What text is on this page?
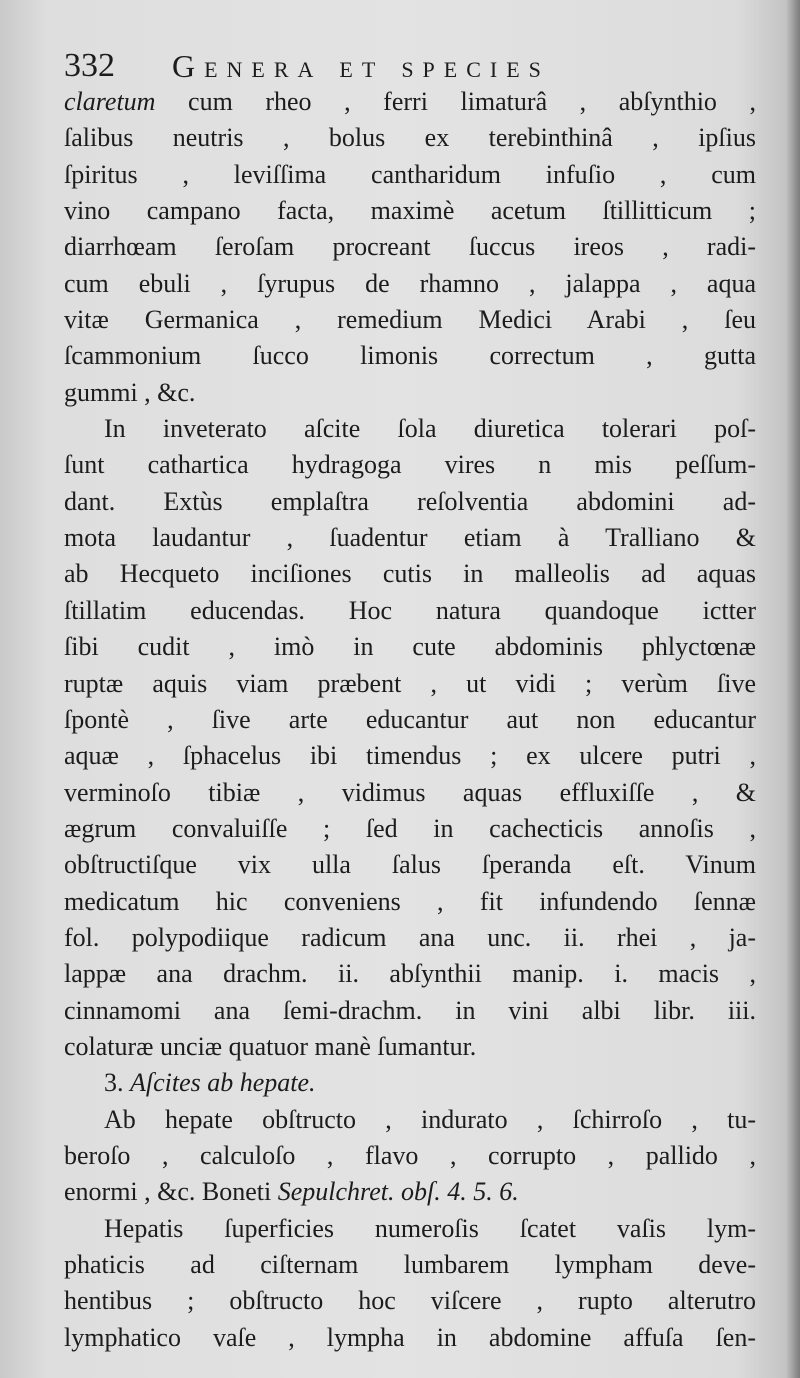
332 Genera et species
claretum cum rheo , ferri limaturâ , abſynthio ,
ſalibus neutris , bolus ex terebinthinâ , ipſius
ſpiritus , leviſſima cantharidum infuſio , cum
vino campano facta, maximè acetum ſtillitticum ;
diarrhœam ſeroſam procreant ſuccus ireos , radi-
cum ebuli , ſyrupus de rhamno , jalappa , aqua
vitæ Germanica , remedium Medici Arabi , ſeu
ſcammonium ſucco limonis correctum , gutta
gummi , &c.
In inveterato aſcite ſola diuretica tolerari poſ-
ſunt cathartica hydragoga vires n mis peſſum-
dant. Extùs emplaſtra reſolventia abdomini ad-
mota laudantur , ſuadentur etiam à Tralliano &
ab Hecqueto inciſiones cutis in malleolis ad aquas
ſtillatim educendas. Hoc natura quandoque ictter
ſibi cudit , imò in cute abdominis phlyctœnæ
ruptæ aquis viam præbent , ut vidi ; verùm ſive
ſpontè , ſive arte educantur aut non educantur
aquæ , ſphacelus ibi timendus ; ex ulcere putri ,
verminoſo tibiæ , vidimus aquas effluxiſſe , &
ægrum convaluiſſe ; ſed in cachecticis annoſis ,
obſtructiſque vix ulla ſalus ſperanda eſt. Vinum
medicatum hic conveniens , fit infundendo ſennæ
fol. polypodiique radicum ana unc. ii. rhei , ja-
lappæ ana drachm. ii. abſynthii manip. i. macis ,
cinnamomi ana ſemi-drachm. in vini albi libr. iii.
colaturæ unciæ quatuor manè ſumantur.
3. Aſcites ab hepate.
Ab hepate obſtructo , indurato , ſchirroſo , tu-
beroſo , calculoſo , flavo , corrupto , pallido ,
enormi , &c. Boneti Sepulchret. obſ. 4. 5. 6.
Hepatis ſuperficies numeroſis ſcatet vaſis lym-
phaticis ad ciſternam lumbarem lympham deve-
hentibus ; obſtructo hoc viſcere , rupto alterutro
lymphatico vaſe , lympha in abdomine affuſa ſen-
